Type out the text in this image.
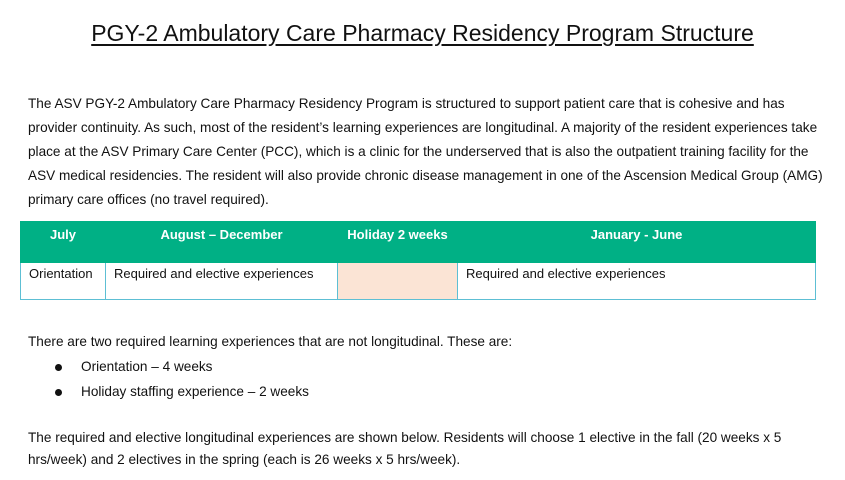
PGY-2 Ambulatory Care Pharmacy Residency Program Structure

The ASV PGY-2 Ambulatory Care Pharmacy Residency Program is structured to support patient care that is cohesive and has provider continuity. As such, most of the resident’s learning experiences are longitudinal. A majority of the resident experiences take place at the ASV Primary Care Center (PCC), which is a clinic for the underserved that is also the outpatient training facility for the ASV medical residencies. The resident will also provide chronic disease management in one of the Ascension Medical Group (AMG) primary care offices (no travel required).

July	August – December	Holiday 2 weeks	January - June
Orientation	Required and elective experiences		Required and elective experiences

There are two required learning experiences that are not longitudinal. These are:

Orientation – 4 weeks
Holiday staffing experience – 2 weeks

The required and elective longitudinal experiences are shown below. Residents will choose 1 elective in the fall (20 weeks x 5 hrs/week) and 2 electives in the spring (each is 26 weeks x 5 hrs/week).
